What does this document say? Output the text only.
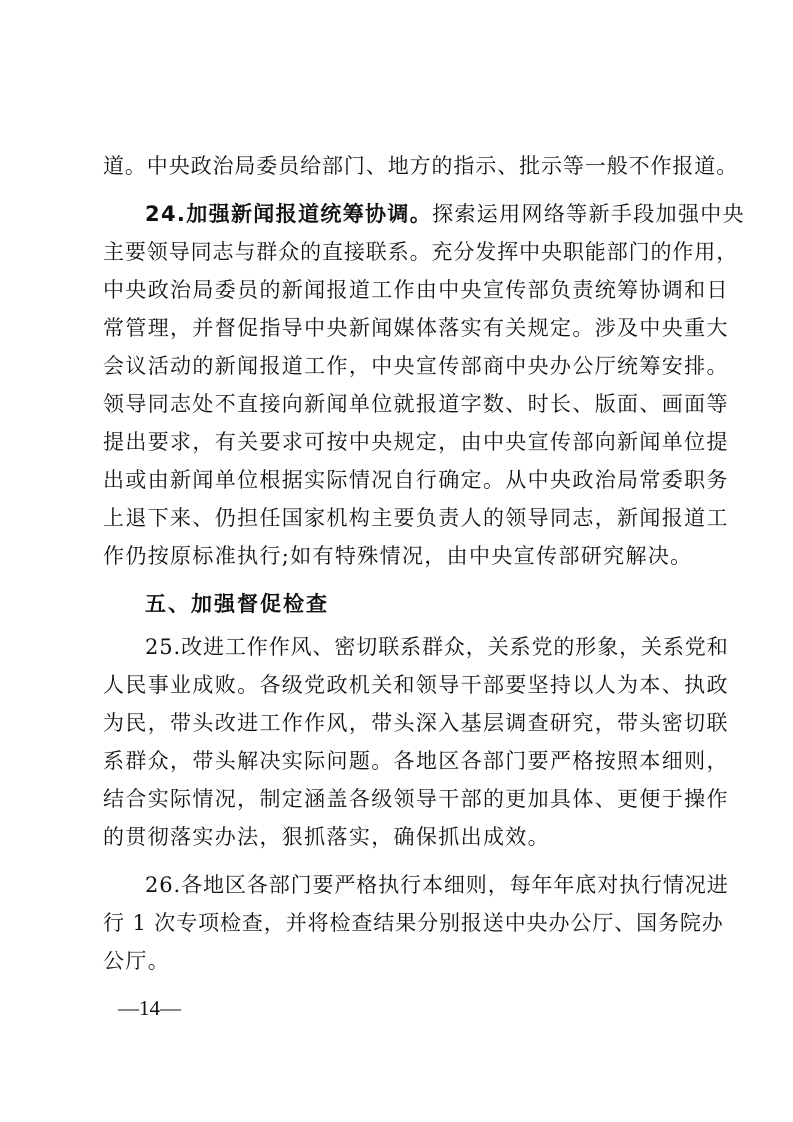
道。中央政治局委员给部门、地方的指示、批示等一般不作报道。
24.加强新闻报道统筹协调。探索运用网络等新手段加强中央
主要领导同志与群众的直接联系。充分发挥中央职能部门的作用，
中央政治局委员的新闻报道工作由中央宣传部负责统筹协调和日
常管理，并督促指导中央新闻媒体落实有关规定。涉及中央重大
会议活动的新闻报道工作，中央宣传部商中央办公厅统筹安排。
领导同志处不直接向新闻单位就报道字数、时长、版面、画面等
提出要求，有关要求可按中央规定，由中央宣传部向新闻单位提
出或由新闻单位根据实际情况自行确定。从中央政治局常委职务
上退下来、仍担任国家机构主要负责人的领导同志，新闻报道工
作仍按原标准执行;如有特殊情况，由中央宣传部研究解决。
五、加强督促检查
25.改进工作作风、密切联系群众，关系党的形象，关系党和
人民事业成败。各级党政机关和领导干部要坚持以人为本、执政
为民，带头改进工作作风，带头深入基层调查研究，带头密切联
系群众，带头解决实际问题。各地区各部门要严格按照本细则，
结合实际情况，制定涵盖各级领导干部的更加具体、更便于操作
的贯彻落实办法，狠抓落实，确保抓出成效。
26.各地区各部门要严格执行本细则，每年年底对执行情况进
行 1 次专项检查，并将检查结果分别报送中央办公厅、国务院办
公厅。
—14—
